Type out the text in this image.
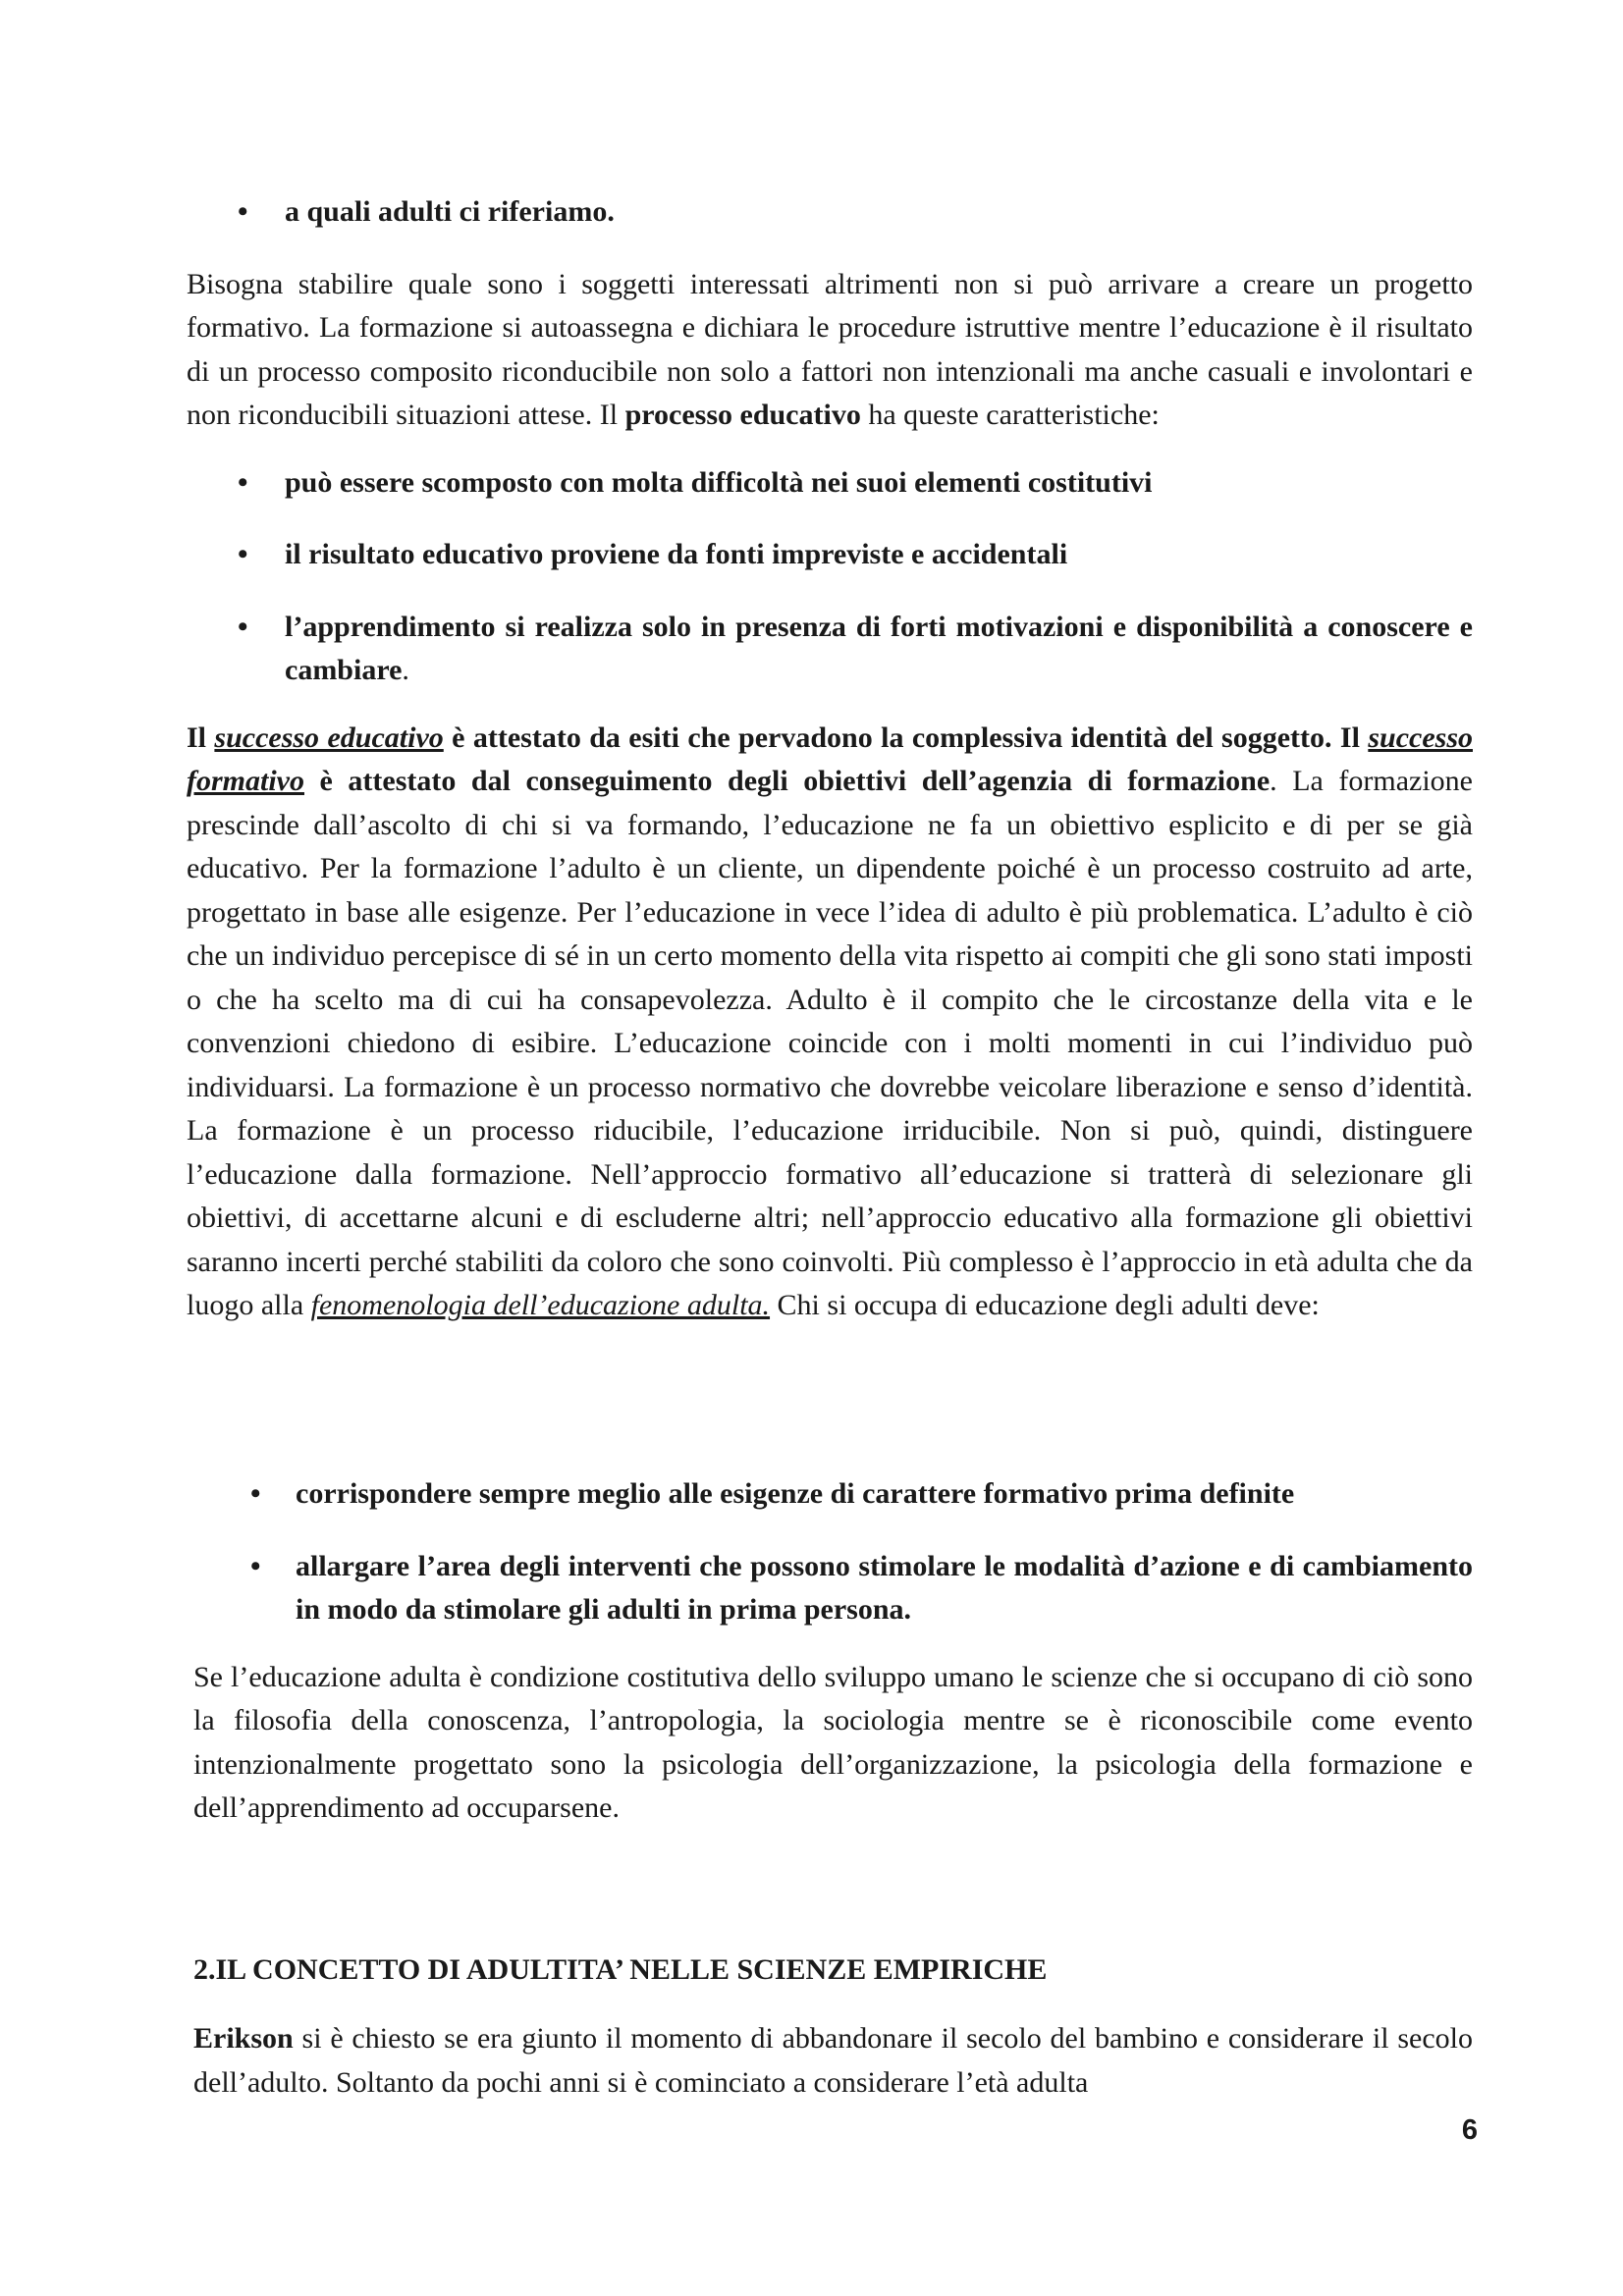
• a quali adulti ci riferiamo.

Bisogna stabilire quale sono i soggetti interessati altrimenti non si può arrivare a creare un progetto formativo. La formazione si autoassegna e dichiara le procedure istruttive mentre l’educazione è il risultato di un processo composito riconducibile non solo a fattori non intenzionali ma anche casuali e involontari e non riconducibili situazioni attese. Il processo educativo ha queste caratteristiche:

• può essere scomposto con molta difficoltà nei suoi elementi costitutivi
• il risultato educativo proviene da fonti impreviste e accidentali
• l’apprendimento si realizza solo in presenza di forti motivazioni e disponibilità a conoscere e cambiare.

Il successo educativo è attestato da esiti che pervadono la complessiva identità del soggetto. Il successo formativo è attestato dal conseguimento degli obiettivi dell’agenzia di formazione. La formazione prescinde dall’ascolto di chi si va formando, l’educazione ne fa un obiettivo esplicito e di per se già educativo. Per la formazione l’adulto è un cliente, un dipendente poiché è un processo costruito ad arte, progettato in base alle esigenze. Per l’educazione in vece l’idea di adulto è più problematica. L’adulto è ciò che un individuo percepisce di sé in un certo momento della vita rispetto ai compiti che gli sono stati imposti o che ha scelto ma di cui ha consapevolezza. Adulto è il compito che le circostanze della vita e le convenzioni chiedono di esibire. L’educazione coincide con i molti momenti in cui l’individuo può individuarsi. La formazione è un processo normativo che dovrebbe veicolare liberazione e senso d’identità. La formazione è un processo riducibile, l’educazione irriducibile. Non si può, quindi, distinguere l’educazione dalla formazione. Nell’approccio formativo all’educazione si tratterà di selezionare gli obiettivi, di accettarne alcuni e di escluderne altri; nell’approccio educativo alla formazione gli obiettivi saranno incerti perché stabiliti da coloro che sono coinvolti. Più complesso è l’approccio in età adulta che da luogo alla fenomenologia dell’educazione adulta. Chi si occupa di educazione degli adulti deve:

• corrispondere sempre meglio alle esigenze di carattere formativo prima definite
• allargare l’area degli interventi che possono stimolare le modalità d’azione e di cambiamento in modo da stimolare gli adulti in prima persona.

Se l’educazione adulta è condizione costitutiva dello sviluppo umano le scienze che si occupano di ciò sono la filosofia della conoscenza, l’antropologia, la sociologia mentre se è riconoscibile come evento intenzionalmente progettato sono la psicologia dell’organizzazione, la psicologia della formazione e dell’apprendimento ad occuparsene.

2.IL CONCETTO DI ADULTITA’ NELLE SCIENZE EMPIRICHE

Erikson si è chiesto se era giunto il momento di abbandonare il secolo del bambino e considerare il secolo dell’adulto. Soltanto da pochi anni si è cominciato a considerare l’età adulta

6
